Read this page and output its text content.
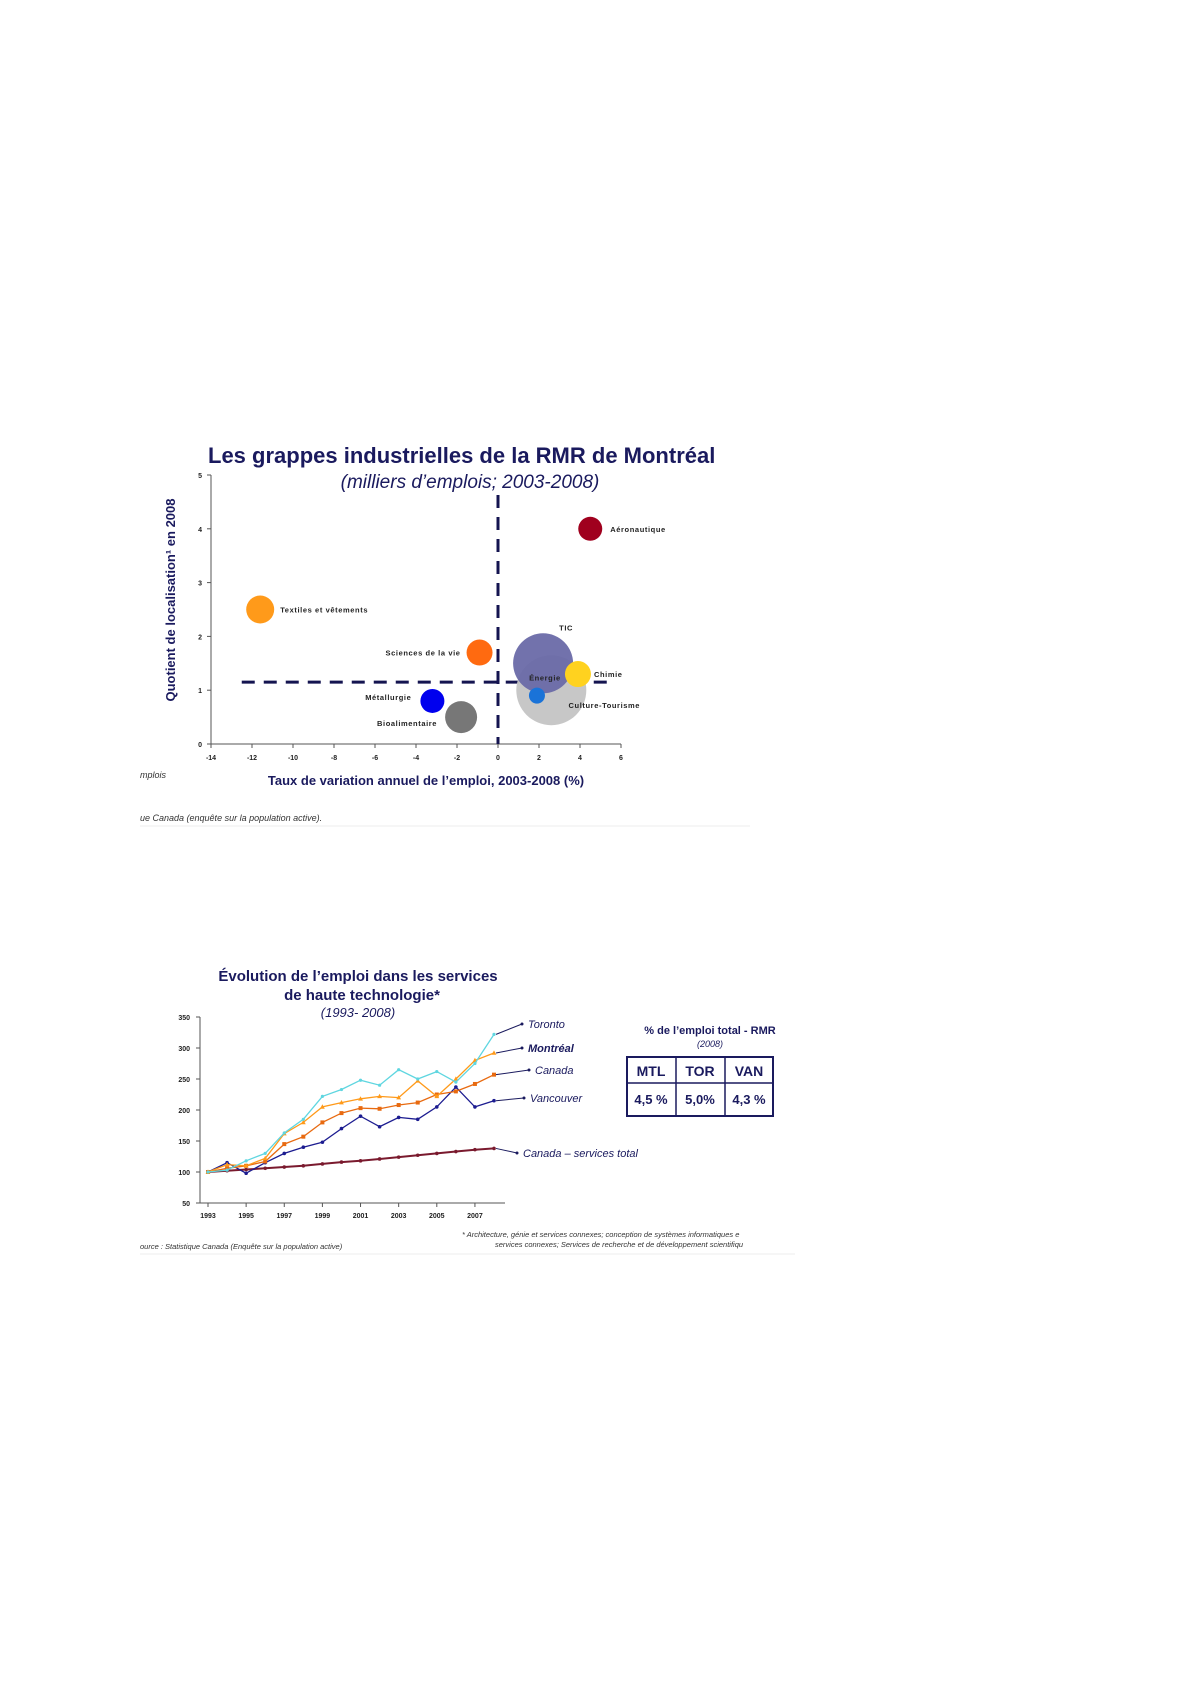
Les grappes industrielles de la RMR de Montréal
(milliers d’emplois; 2003-2008)
-14	-12	-10	-8	-6	-4	-2	0	2	4	6
0
1
2
3
4
5
Aéronautique
Textiles et vêtements
Sciences de la vie
TIC
Culture-Tourisme
Énergie	Chimie
Métallurgie
Bioalimentaire
Taux de variation annuel de l’emploi, 2003-2008 (%)
Quotient de localisation¹ en 2008
mplois
ue Canada (enquête sur la population active).
Évolution de l’emploi dans les services
de haute technologie*
(1993- 2008)
1993	1995	1997	1999	2001	2003	2005	2007
50
100
150
200
250
300
350
Toronto
Montréal
Canada
Vancouver
Canada – services total
% de l’emploi total - RMR
(2008)
MTL TOR VAN
4,5 % 5,0% 4,3 %
ource : Statistique Canada (Enquête sur la population active)
* Architecture, génie et services connexes; conception de systèmes informatiques e
services connexes; Services de recherche et de développement scientifiqu
